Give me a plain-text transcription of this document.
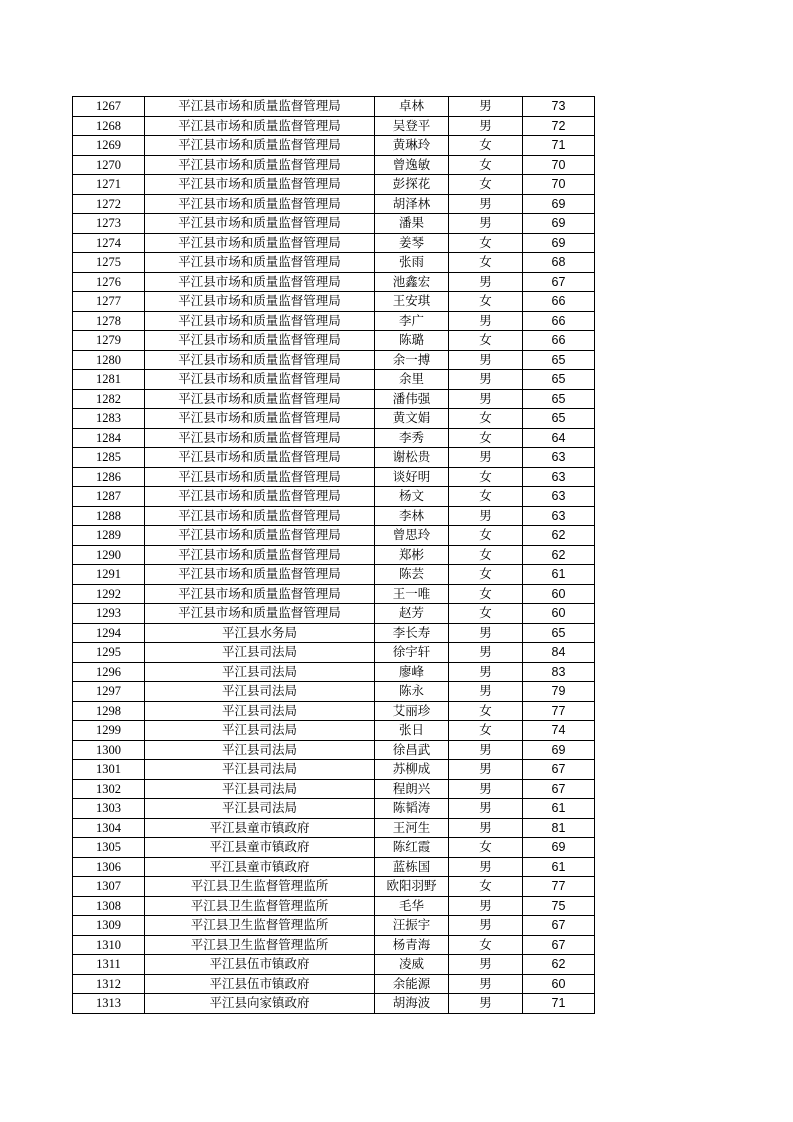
1267	平江县市场和质量监督管理局	卓林	男	73
1268	平江县市场和质量监督管理局	吴登平	男	72
1269	平江县市场和质量监督管理局	黄琳玲	女	71
1270	平江县市场和质量监督管理局	曾逸敏	女	70
1271	平江县市场和质量监督管理局	彭探花	女	70
1272	平江县市场和质量监督管理局	胡泽林	男	69
1273	平江县市场和质量监督管理局	潘果	男	69
1274	平江县市场和质量监督管理局	姜琴	女	69
1275	平江县市场和质量监督管理局	张雨	女	68
1276	平江县市场和质量监督管理局	池鑫宏	男	67
1277	平江县市场和质量监督管理局	王安琪	女	66
1278	平江县市场和质量监督管理局	李广	男	66
1279	平江县市场和质量监督管理局	陈璐	女	66
1280	平江县市场和质量监督管理局	余一搏	男	65
1281	平江县市场和质量监督管理局	余里	男	65
1282	平江县市场和质量监督管理局	潘伟强	男	65
1283	平江县市场和质量监督管理局	黄文娟	女	65
1284	平江县市场和质量监督管理局	李秀	女	64
1285	平江县市场和质量监督管理局	谢松贵	男	63
1286	平江县市场和质量监督管理局	谈好明	女	63
1287	平江县市场和质量监督管理局	杨文	女	63
1288	平江县市场和质量监督管理局	李林	男	63
1289	平江县市场和质量监督管理局	曾思玲	女	62
1290	平江县市场和质量监督管理局	郑彬	女	62
1291	平江县市场和质量监督管理局	陈芸	女	61
1292	平江县市场和质量监督管理局	王一唯	女	60
1293	平江县市场和质量监督管理局	赵芳	女	60
1294	平江县水务局	李长寿	男	65
1295	平江县司法局	徐宇轩	男	84
1296	平江县司法局	廖峰	男	83
1297	平江县司法局	陈永	男	79
1298	平江县司法局	艾丽珍	女	77
1299	平江县司法局	张日	女	74
1300	平江县司法局	徐昌武	男	69
1301	平江县司法局	苏柳成	男	67
1302	平江县司法局	程朗兴	男	67
1303	平江县司法局	陈韬涛	男	61
1304	平江县童市镇政府	王河生	男	81
1305	平江县童市镇政府	陈红霞	女	69
1306	平江县童市镇政府	蓝栋国	男	61
1307	平江县卫生监督管理监所	欧阳羽野	女	77
1308	平江县卫生监督管理监所	毛华	男	75
1309	平江县卫生监督管理监所	汪振宇	男	67
1310	平江县卫生监督管理监所	杨青海	女	67
1311	平江县伍市镇政府	凌威	男	62
1312	平江县伍市镇政府	余能源	男	60
1313	平江县向家镇政府	胡海波	男	71
